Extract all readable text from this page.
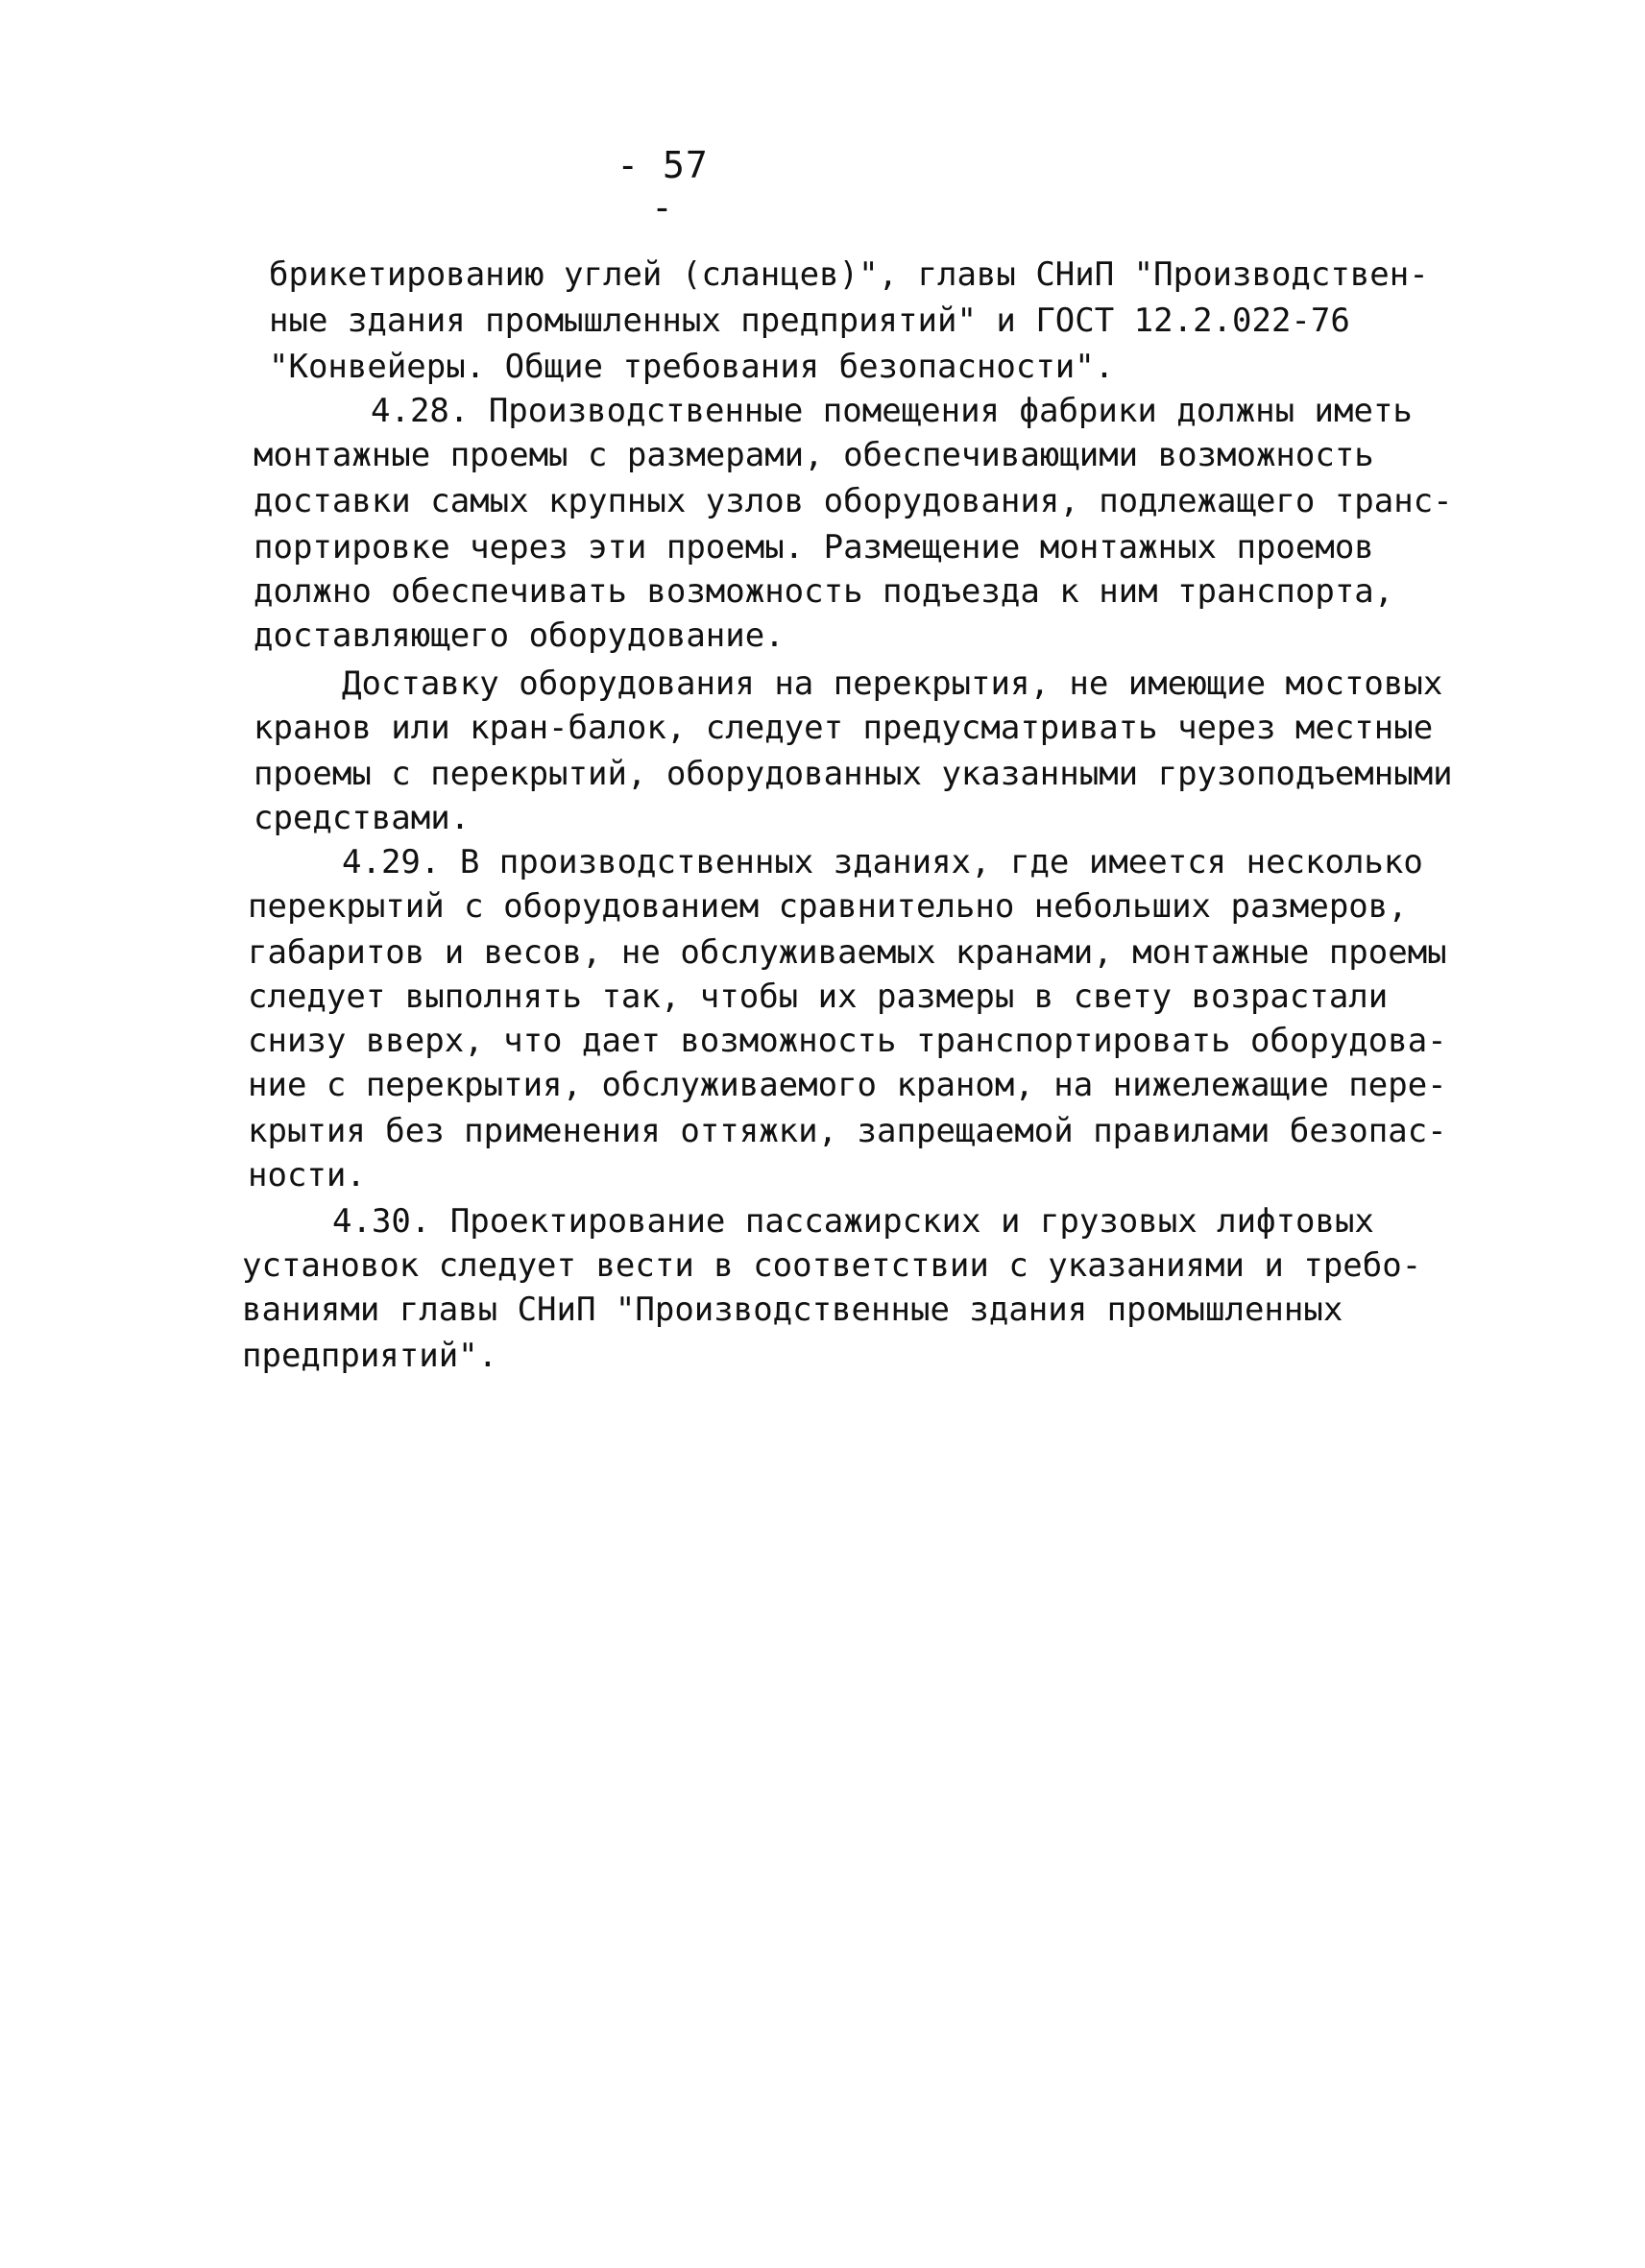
- 57 -
брикетированию углей (сланцев)", главы СНиП "Производствен-
ные здания промышленных предприятий" и ГОСТ 12.2.022-76
"Конвейеры. Общие требования безопасности".
4.28. Производственные помещения фабрики должны иметь
монтажные проемы с размерами, обеспечивающими возможность
доставки самых крупных узлов оборудования, подлежащего транс-
портировке через эти проемы. Размещение монтажных проемов
должно обеспечивать возможность подъезда к ним транспорта,
доставляющего оборудование.
Доставку оборудования на перекрытия, не имеющие мостовых
кранов или кран-балок, следует предусматривать через местные
проемы с перекрытий, оборудованных указанными грузоподъемными
средствами.
4.29. В производственных зданиях, где имеется несколько
перекрытий с оборудованием сравнительно небольших размеров,
габаритов и весов, не обслуживаемых кранами, монтажные проемы
следует выполнять так, чтобы их размеры в свету возрастали
снизу вверх, что дает возможность транспортировать оборудова-
ние с перекрытия, обслуживаемого краном, на нижележащие пере-
крытия без применения оттяжки, запрещаемой правилами безопас-
ности.
4.30. Проектирование пассажирских и грузовых лифтовых
установок следует вести в соответствии с указаниями и требо-
ваниями главы СНиП "Производственные здания промышленных
предприятий".
